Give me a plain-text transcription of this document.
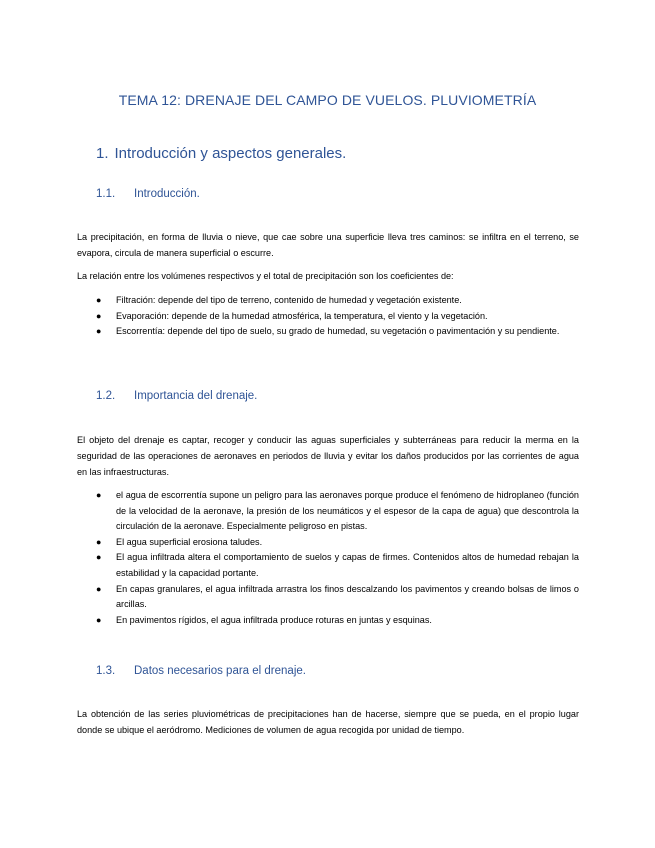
TEMA 12: DRENAJE DEL CAMPO DE VUELOS. PLUVIOMETRÍA
1. Introducción y aspectos generales.
1.1. Introducción.

La precipitación, en forma de lluvia o nieve, que cae sobre una superficie lleva tres caminos: se infiltra en el terreno, se evapora, circula de manera superficial o escurre.

La relación entre los volúmenes respectivos y el total de precipitación son los coeficientes de:

● Filtración: depende del tipo de terreno, contenido de humedad y vegetación existente.
● Evaporación: depende de la humedad atmosférica, la temperatura, el viento y la vegetación.
● Escorrentía: depende del tipo de suelo, su grado de humedad, su vegetación o pavimentación y su pendiente.
1.2. Importancia del drenaje.

El objeto del drenaje es captar, recoger y conducir las aguas superficiales y subterráneas para reducir la merma en la seguridad de las operaciones de aeronaves en periodos de lluvia y evitar los daños producidos por las corrientes de agua en las infraestructuras.

● el agua de escorrentía supone un peligro para las aeronaves porque produce el fenómeno de hidroplaneo (función de la velocidad de la aeronave, la presión de los neumáticos y el espesor de la capa de agua) que descontrola la circulación de la aeronave. Especialmente peligroso en pistas.
● El agua superficial erosiona taludes.
● El agua infiltrada altera el comportamiento de suelos y capas de firmes. Contenidos altos de humedad rebajan la estabilidad y la capacidad portante.
● En capas granulares, el agua infiltrada arrastra los finos descalzando los pavimentos y creando bolsas de limos o arcillas.
● En pavimentos rígidos, el agua infiltrada produce roturas en juntas y esquinas.
1.3. Datos necesarios para el drenaje.

La obtención de las series pluviométricas de precipitaciones han de hacerse, siempre que se pueda, en el propio lugar donde se ubique el aeródromo. Mediciones de volumen de agua recogida por unidad de tiempo.
